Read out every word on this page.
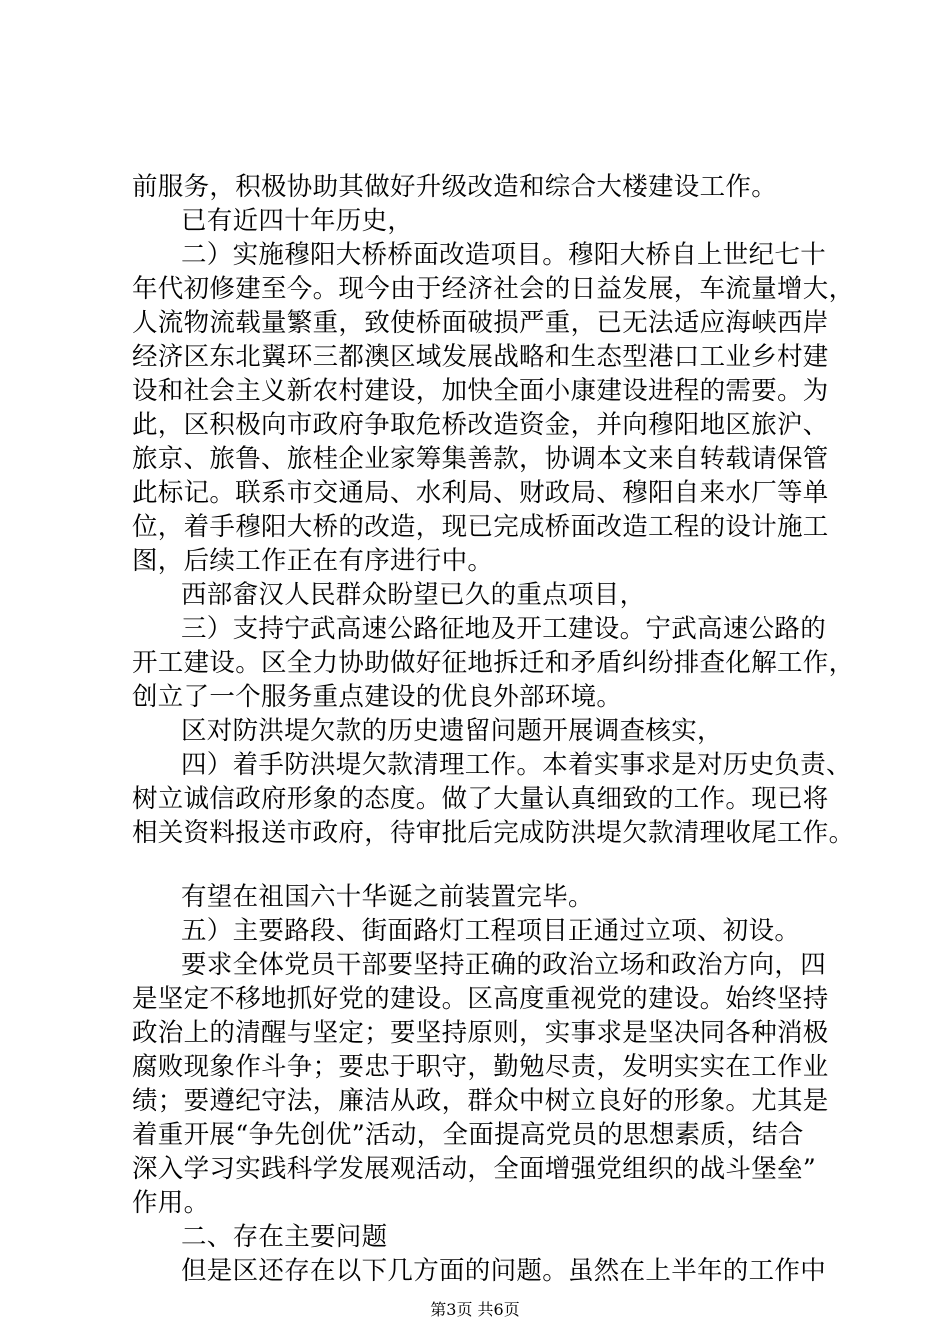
前服务，积极协助其做好升级改造和综合大楼建设工作。
已有近四十年历史，
二）实施穆阳大桥桥面改造项目。穆阳大桥自上世纪七十
年代初修建至今。现今由于经济社会的日益发展，车流量增大，
人流物流载量繁重，致使桥面破损严重，已无法适应海峡西岸
经济区东北翼环三都澳区域发展战略和生态型港口工业乡村建
设和社会主义新农村建设，加快全面小康建设进程的需要。为
此，区积极向市政府争取危桥改造资金，并向穆阳地区旅沪、
旅京、旅鲁、旅桂企业家筹集善款，协调本文来自转载请保管
此标记。联系市交通局、水利局、财政局、穆阳自来水厂等单
位，着手穆阳大桥的改造，现已完成桥面改造工程的设计施工
图，后续工作正在有序进行中。
西部畲汉人民群众盼望已久的重点项目，
三）支持宁武高速公路征地及开工建设。宁武高速公路的
开工建设。区全力协助做好征地拆迁和矛盾纠纷排查化解工作，
创立了一个服务重点建设的优良外部环境。
区对防洪堤欠款的历史遗留问题开展调查核实，
四）着手防洪堤欠款清理工作。本着实事求是对历史负责、
树立诚信政府形象的态度。做了大量认真细致的工作。现已将
相关资料报送市政府，待审批后完成防洪堤欠款清理收尾工作。
有望在祖国六十华诞之前装置完毕。
五）主要路段、街面路灯工程项目正通过立项、初设。
要求全体党员干部要坚持正确的政治立场和政治方向，四
是坚定不移地抓好党的建设。区高度重视党的建设。始终坚持
政治上的清醒与坚定；要坚持原则，实事求是坚决同各种消极
腐败现象作斗争；要忠于职守，勤勉尽责，发明实实在工作业
绩；要遵纪守法，廉洁从政，群众中树立良好的形象。尤其是
着重开展“争先创优”活动，全面提高党员的思想素质，结合
深入学习实践科学发展观活动，全面增强党组织的战斗堡垒”
作用。
二、存在主要问题
但是区还存在以下几方面的问题。虽然在上半年的工作中
第3页 共6页
